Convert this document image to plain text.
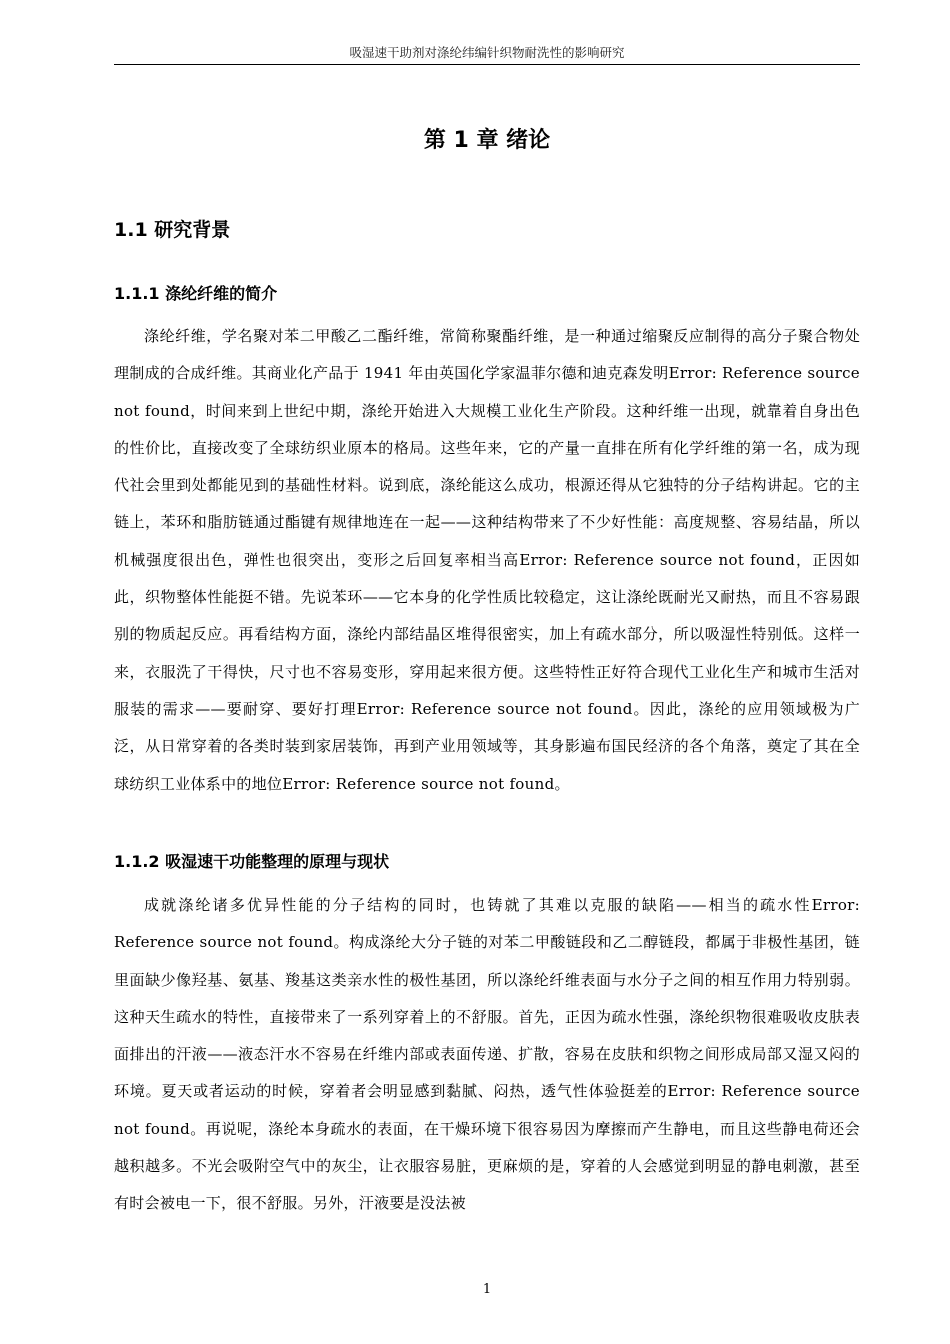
吸湿速干助剂对涤纶纬编针织物耐洗性的影响研究
第 1 章 绪论
1.1 研究背景
1.1.1 涤纶纤维的简介
涤纶纤维，学名聚对苯二甲酸乙二酯纤维，常简称聚酯纤维，是一种通过缩聚反应制得的高分子聚合物处理制成的合成纤维。其商业化产品于 1941 年由英国化学家温菲尔德和迪克森发明Error: Reference source not found，时间来到上世纪中期，涤纶开始进入大规模工业化生产阶段。这种纤维一出现，就靠着自身出色的性价比，直接改变了全球纺织业原本的格局。这些年来，它的产量一直排在所有化学纤维的第一名，成为现代社会里到处都能见到的基础性材料。说到底，涤纶能这么成功，根源还得从它独特的分子结构讲起。它的主链上，苯环和脂肪链通过酯键有规律地连在一起——这种结构带来了不少好性能：高度规整、容易结晶，所以机械强度很出色，弹性也很突出，变形之后回复率相当高Error: Reference source not found，正因如此，织物整体性能挺不错。先说苯环——它本身的化学性质比较稳定，这让涤纶既耐光又耐热，而且不容易跟别的物质起反应。再看结构方面，涤纶内部结晶区堆得很密实，加上有疏水部分，所以吸湿性特别低。这样一来，衣服洗了干得快，尺寸也不容易变形，穿用起来很方便。这些特性正好符合现代工业化生产和城市生活对服装的需求——要耐穿、要好打理Error: Reference source not found。因此，涤纶的应用领域极为广泛，从日常穿着的各类时装到家居装饰，再到产业用领域等，其身影遍布国民经济的各个角落，奠定了其在全球纺织工业体系中的地位Error: Reference source not found。
1.1.2 吸湿速干功能整理的原理与现状
成就涤纶诸多优异性能的分子结构的同时，也铸就了其难以克服的缺陷——相当的疏水性Error: Reference source not found。构成涤纶大分子链的对苯二甲酸链段和乙二醇链段，都属于非极性基团，链里面缺少像羟基、氨基、羧基这类亲水性的极性基团，所以涤纶纤维表面与水分子之间的相互作用力特别弱。这种天生疏水的特性，直接带来了一系列穿着上的不舒服。首先，正因为疏水性强，涤纶织物很难吸收皮肤表面排出的汗液——液态汗水不容易在纤维内部或表面传递、扩散，容易在皮肤和织物之间形成局部又湿又闷的环境。夏天或者运动的时候，穿着者会明显感到黏腻、闷热，透气性体验挺差的Error: Reference source not found。再说呢，涤纶本身疏水的表面，在干燥环境下很容易因为摩擦而产生静电，而且这些静电荷还会越积越多。不光会吸附空气中的灰尘，让衣服容易脏，更麻烦的是，穿着的人会感觉到明显的静电刺激，甚至有时会被电一下，很不舒服。另外，汗液要是没法被
1
